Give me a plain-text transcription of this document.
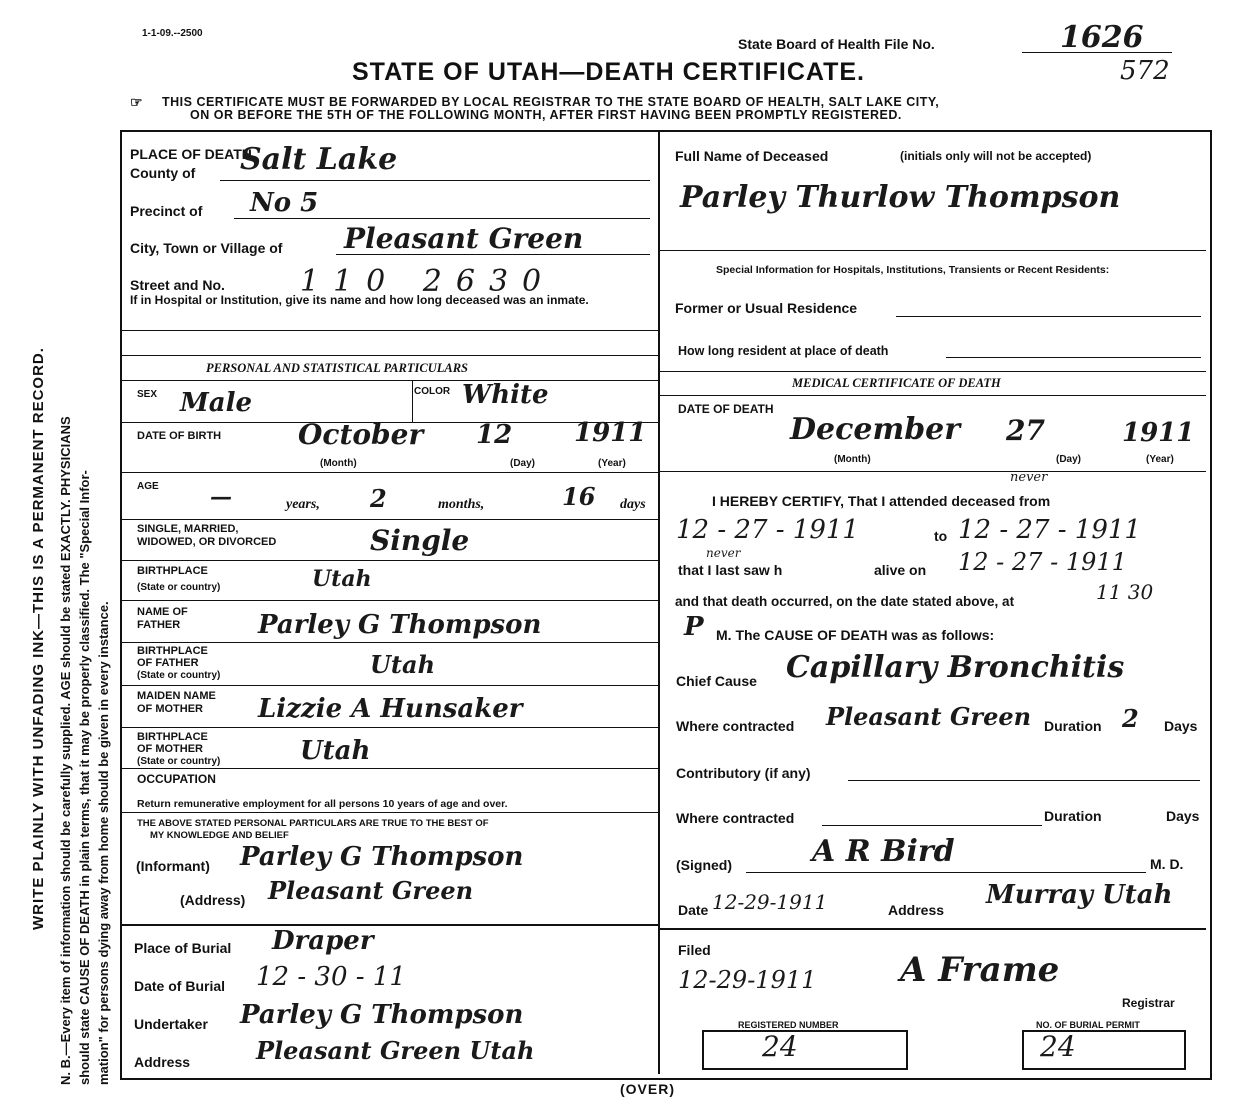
WRITE PLAINLY WITH UNFADING INK—THIS IS A PERMANENT RECORD. N. B.—Every item of information should be carefully supplied. AGE should be stated EXACTLY. PHYSICIANS should state CAUSE OF DEATH in plain terms, that it may be properly classified. The "Special Infor- mation" for persons dying away from home should be given in every instance.
1-1-09.--2500
State Board of Health File No.	1626
572
STATE OF UTAH—DEATH CERTIFICATE.
☞ THIS CERTIFICATE MUST BE FORWARDED BY LOCAL REGISTRAR TO THE STATE BOARD OF HEALTH, SALT LAKE CITY,
ON OR BEFORE THE 5TH OF THE FOLLOWING MONTH, AFTER FIRST HAVING BEEN PROMPTLY REGISTERED.
PLACE OF DEATH
County of Salt Lake
Precinct of No 5
City, Town or Village of Pleasant Green
Street and No.	110 2630
If in Hospital or Institution, give its name and how long deceased was an inmate.
PERSONAL AND STATISTICAL PARTICULARS
SEX Male	COLOR White
DATE OF BIRTH	October 12 1911
(Month)	(Day)	(Year)
AGE —	years, 2	months,	16 days
SINGLE, MARRIED,
WIDOWED, OR DIVORCED	Single
BIRTHPLACE
(State or country)	Utah
NAME OF
FATHER	Parley G Thompson
BIRTHPLACE
OF FATHER
(State or country)	Utah
MAIDEN NAME
OF MOTHER Lizzie A Hunsaker
BIRTHPLACE
OF MOTHER
(State or country)	Utah
OCCUPATION
Return remunerative employment for all persons 10 years of age and over.
THE ABOVE STATED PERSONAL PARTICULARS ARE TRUE TO THE BEST OF
MY KNOWLEDGE AND BELIEF
(Informant) Parley G Thompson
(Address) Pleasant Green
Place of Burial Draper
Date of Burial 12 - 30 - 11
Undertaker Parley G Thompson
Address	Pleasant Green Utah
Full Name of Deceased	(initials only will not be accepted)
Parley Thurlow Thompson
Special Information for Hospitals, Institutions, Transients or Recent Residents:
Former or Usual Residence
How long resident at place of death
MEDICAL CERTIFICATE OF DEATH
DATE OF DEATH
December 27	1911
(Month)	(Day)	(Year)
never
I HEREBY CERTIFY, That I attended deceased from
12 - 27 - 1911	to 12 - 27 - 1911
never
that I last saw h	alive on 12 - 27 - 1911
and that death occurred, on the date stated above, at	11 30
P M. The CAUSE OF DEATH was as follows:
Chief Cause Capillary Bronchitis
Where contracted Pleasant Green Duration 2 Days
Contributory (if any)
Where contracted	Duration	Days
(Signed)	A R Bird	M. D.
Date 12-29-1911	Address Murray Utah
Filed
12-29-1911 A Frame
Registrar
REGISTERED NUMBER
24
NO. OF BURIAL PERMIT
24
(OVER)
